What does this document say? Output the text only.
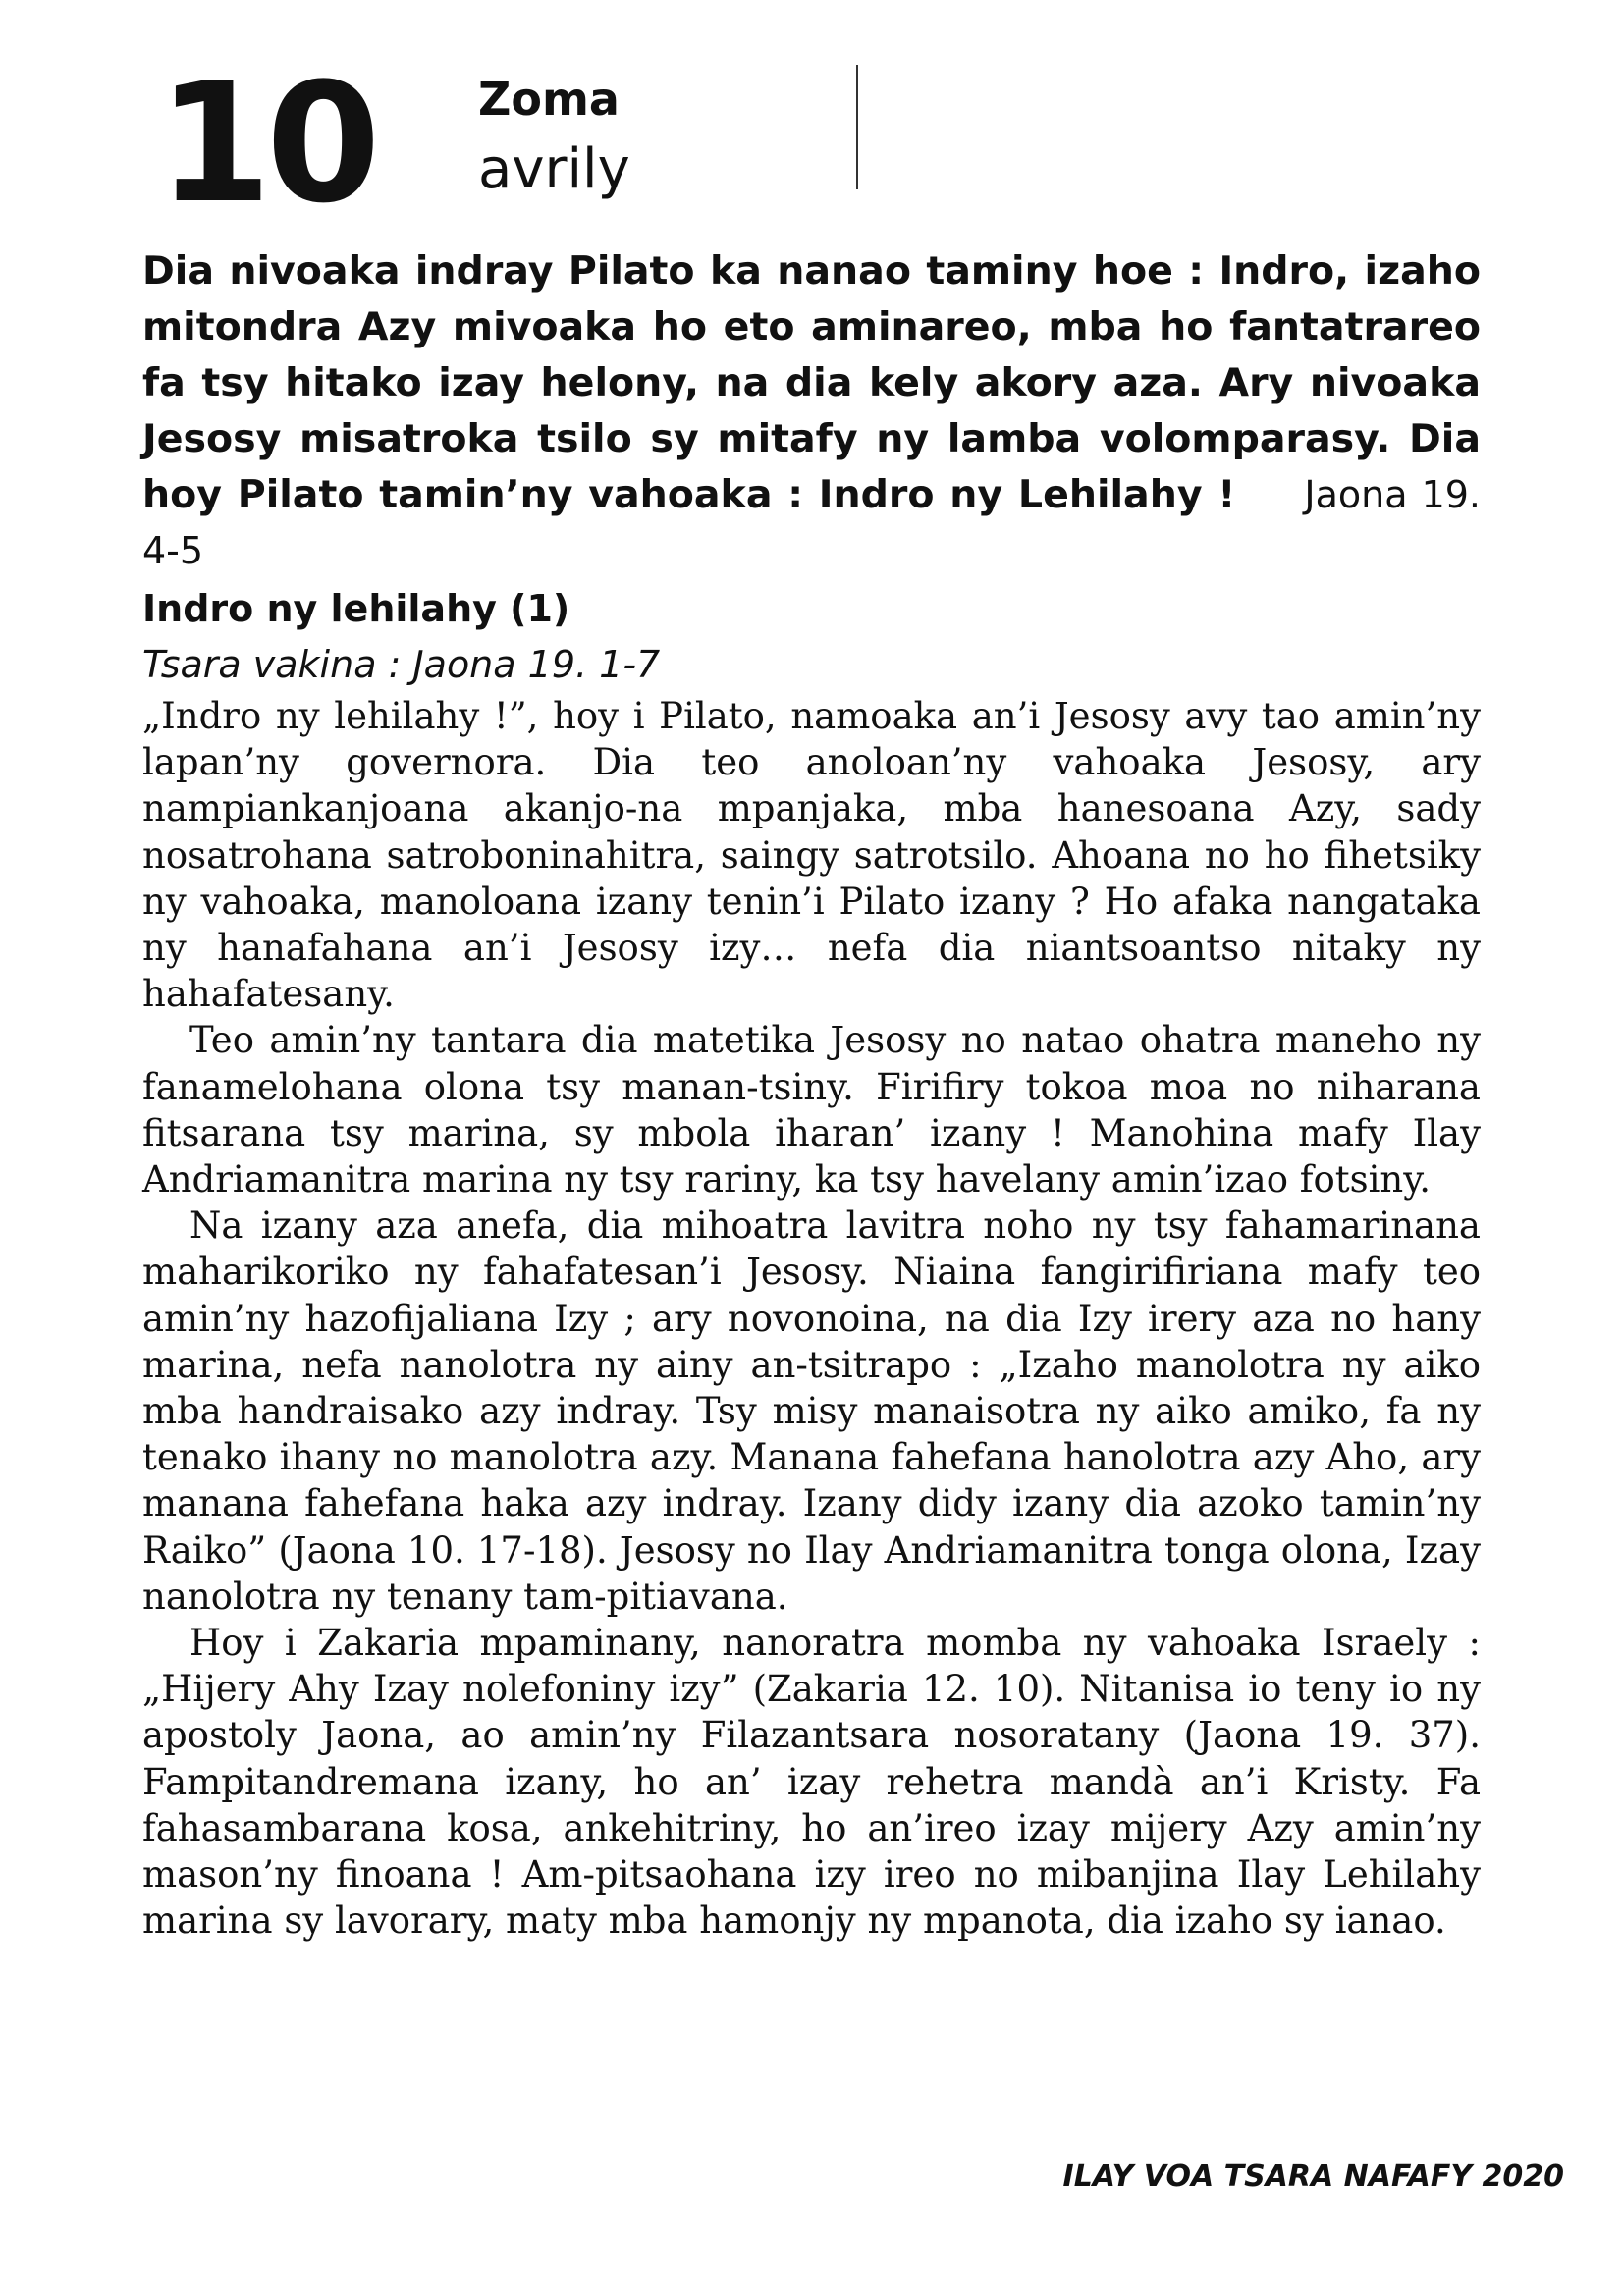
10 Zoma
avrily

Dia nivoaka indray Pilato ka nanao taminy hoe : Indro, izaho mitondra Azy mivoaka ho eto aminareo, mba ho fantatrareo fa tsy hitako izay helony, na dia kely akory aza. Ary nivoaka Jesosy misatroka tsilo sy mitafy ny lamba volomparasy. Dia hoy Pilato tamin’ny vahoaka : Indro ny Lehilahy ! Jaona 19. 4-5

Indro ny lehilahy (1)
Tsara vakina : Jaona 19. 1-7

„Indro ny lehilahy !”, hoy i Pilato, namoaka an’i Jesosy avy tao amin’ny lapan’ny governora. Dia teo anoloan’ny vahoaka Jesosy, ary nampiankanjoana akanjo-na mpanjaka, mba hanesoana Azy, sady nosatrohana satroboninahitra, saingy satrotsilo. Ahoana no ho fihetsiky ny vahoaka, manoloana izany tenin’i Pilato izany ? Ho afaka nangataka ny hanafahana an’i Jesosy izy… nefa dia niantsoantso nitaky ny hahafatesany.

Teo amin’ny tantara dia matetika Jesosy no natao ohatra maneho ny fanamelohana olona tsy manan-tsiny. Firifiry tokoa moa no niharana fitsarana tsy marina, sy mbola iharan’ izany ! Manohina mafy Ilay Andriamanitra marina ny tsy rariny, ka tsy havelany amin’izao fotsiny.

Na izany aza anefa, dia mihoatra lavitra noho ny tsy fahamarinana maharikoriko ny fahafatesan’i Jesosy. Niaina fangirifiriana mafy teo amin’ny hazofijaliana Izy ; ary novonoina, na dia Izy irery aza no hany marina, nefa nanolotra ny ainy an-tsitrapo : „Izaho manolotra ny aiko mba handraisako azy indray. Tsy misy manaisotra ny aiko amiko, fa ny tenako ihany no manolotra azy. Manana fahefana hanolotra azy Aho, ary manana fahefana haka azy indray. Izany didy izany dia azoko tamin’ny Raiko” (Jaona 10. 17-18). Jesosy no Ilay Andriamanitra tonga olona, Izay nanolotra ny tenany tam-pitiavana.

Hoy i Zakaria mpaminany, nanoratra momba ny vahoaka Israely : „Hijery Ahy Izay nolefoniny izy” (Zakaria 12. 10). Nitanisa io teny io ny apostoly Jaona, ao amin’ny Filazantsara nosoratany (Jaona 19. 37). Fampitandremana izany, ho an’ izay rehetra mandà an’i Kristy. Fa fahasambarana kosa, ankehitriny, ho an’ireo izay mijery Azy amin’ny mason’ny finoana ! Am-pitsaohana izy ireo no mibanjina Ilay Lehilahy marina sy lavorary, maty mba hamonjy ny mpanota, dia izaho sy ianao.

ILAY VOA TSARA NAFAFY 2020
